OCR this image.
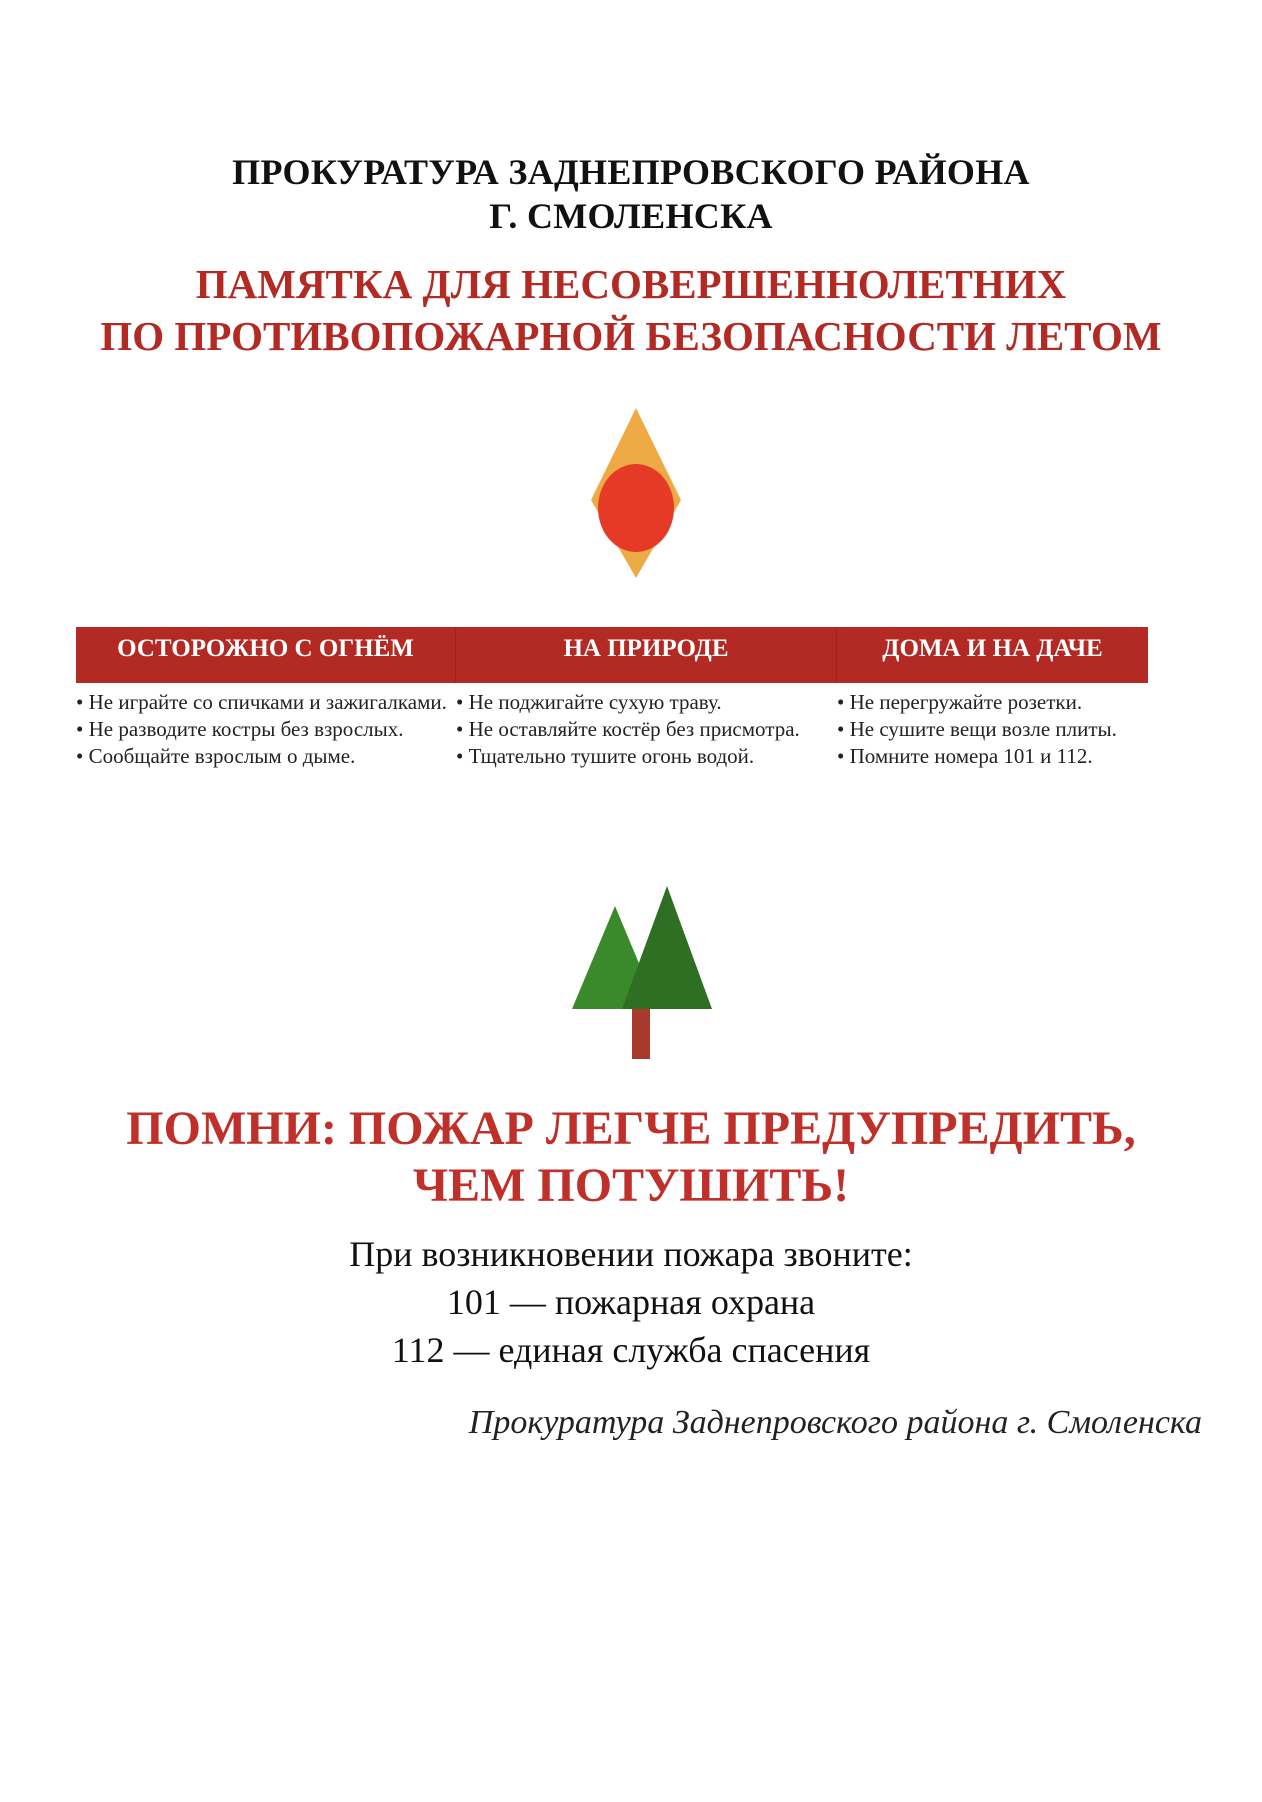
ПРОКУРАТУРА ЗАДНЕПРОВСКОГО РАЙОНА
Г. СМОЛЕНСКА
ПАМЯТКА ДЛЯ НЕСОВЕРШЕННОЛЕТНИХ
ПО ПРОТИВОПОЖАРНОЙ БЕЗОПАСНОСТИ ЛЕТОМ
ОСТОРОЖНО С ОГНЁМ	НА ПРИРОДЕ	ДОМА И НА ДАЧЕ

• Не играйте со спичками и зажигалками.

• Не разводите костры без взрослых.

• Сообщайте взрослым о дыме.

• Не поджигайте сухую траву.

• Не оставляйте костёр без присмотра.

• Тщательно тушите огонь водой.

• Не перегружайте розетки.

• Не сушите вещи возле плиты.

• Помните номера 101 и 112.

ПОМНИ: ПОЖАР ЛЕГЧЕ ПРЕДУПРЕДИТЬ,
ЧЕМ ПОТУШИТЬ!
При возникновении пожара звоните:
101 — пожарная охрана
112 — единая служба спасения
Прокуратура Заднепровского района г. Смоленска
